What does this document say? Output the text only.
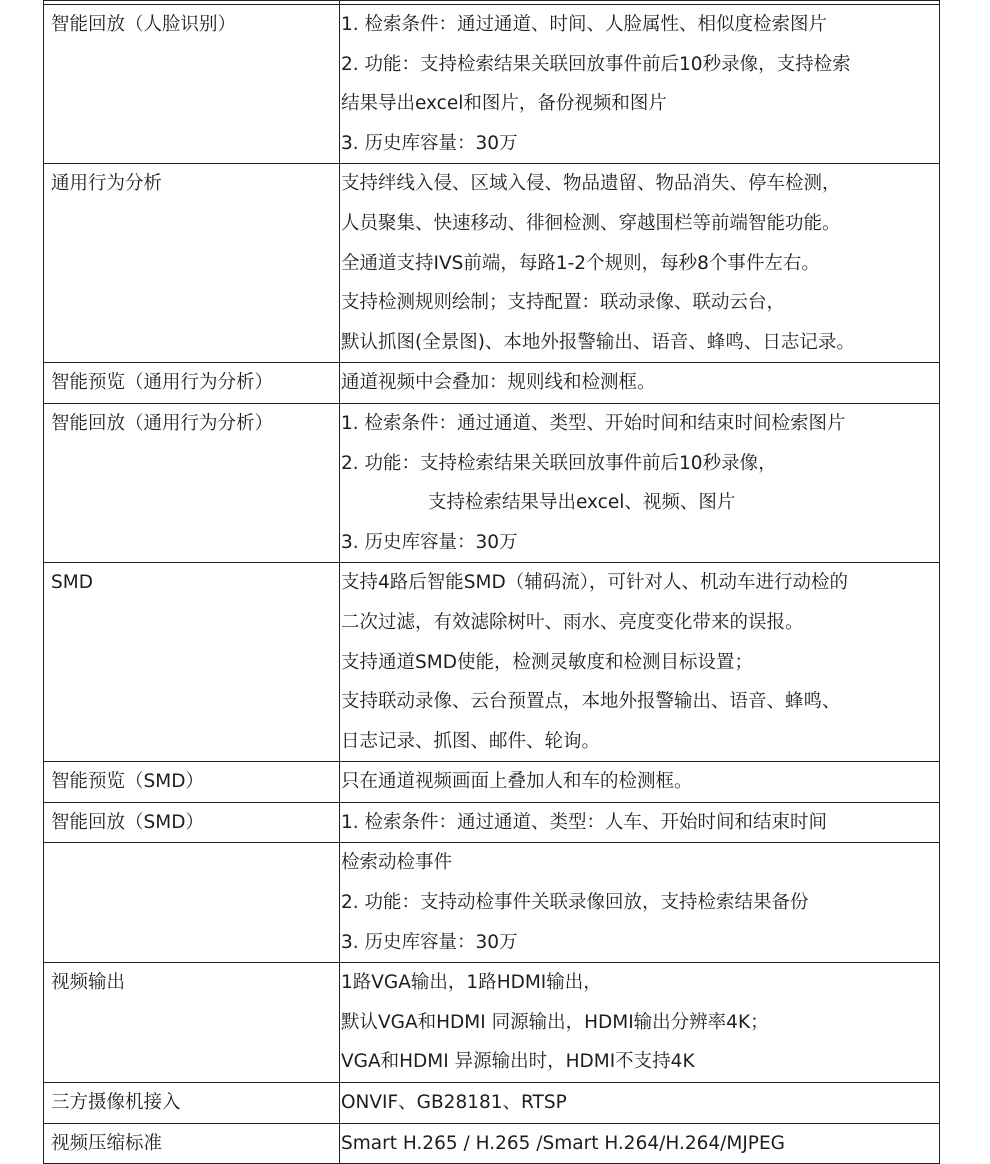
智能回放（人脸识别）	1. 检索条件：通过通道、时间、人脸属性、相似度检索图片
2. 功能：支持检索结果关联回放事件前后10秒录像，支持检索
结果导出excel和图片，备份视频和图片
3. 历史库容量：30万

通用行为分析	支持绊线入侵、区域入侵、物品遗留、物品消失、停车检测，
人员聚集、快速移动、徘徊检测、穿越围栏等前端智能功能。
全通道支持IVS前端，每路1-2个规则，每秒8个事件左右。
支持检测规则绘制；支持配置：联动录像、联动云台，
默认抓图(全景图)、本地外报警输出、语音、蜂鸣、日志记录。

智能预览（通用行为分析）	通道视频中会叠加：规则线和检测框。

智能回放（通用行为分析）	1. 检索条件：通过通道、类型、开始时间和结束时间检索图片
2. 功能：支持检索结果关联回放事件前后10秒录像，
支持检索结果导出excel、视频、图片
3. 历史库容量：30万

SMD	支持4路后智能SMD（辅码流），可针对人、机动车进行动检的
二次过滤，有效滤除树叶、雨水、亮度变化带来的误报。
支持通道SMD使能，检测灵敏度和检测目标设置；
支持联动录像、云台预置点，本地外报警输出、语音、蜂鸣、
日志记录、抓图、邮件、轮询。

智能预览（SMD）	只在通道视频画面上叠加人和车的检测框。

智能回放（SMD）	1. 检索条件：通过通道、类型：人车、开始时间和结束时间

	检索动检事件
2. 功能：支持动检事件关联录像回放，支持检索结果备份
3. 历史库容量：30万

视频输出	1路VGA输出，1路HDMI输出，
默认VGA和HDMI 同源输出，HDMI输出分辨率4K；
VGA和HDMI 异源输出时，HDMI不支持4K

三方摄像机接入	ONVIF、GB28181、RTSP

视频压缩标准	Smart H.265 / H.265 /Smart H.264/H.264/MJPEG
